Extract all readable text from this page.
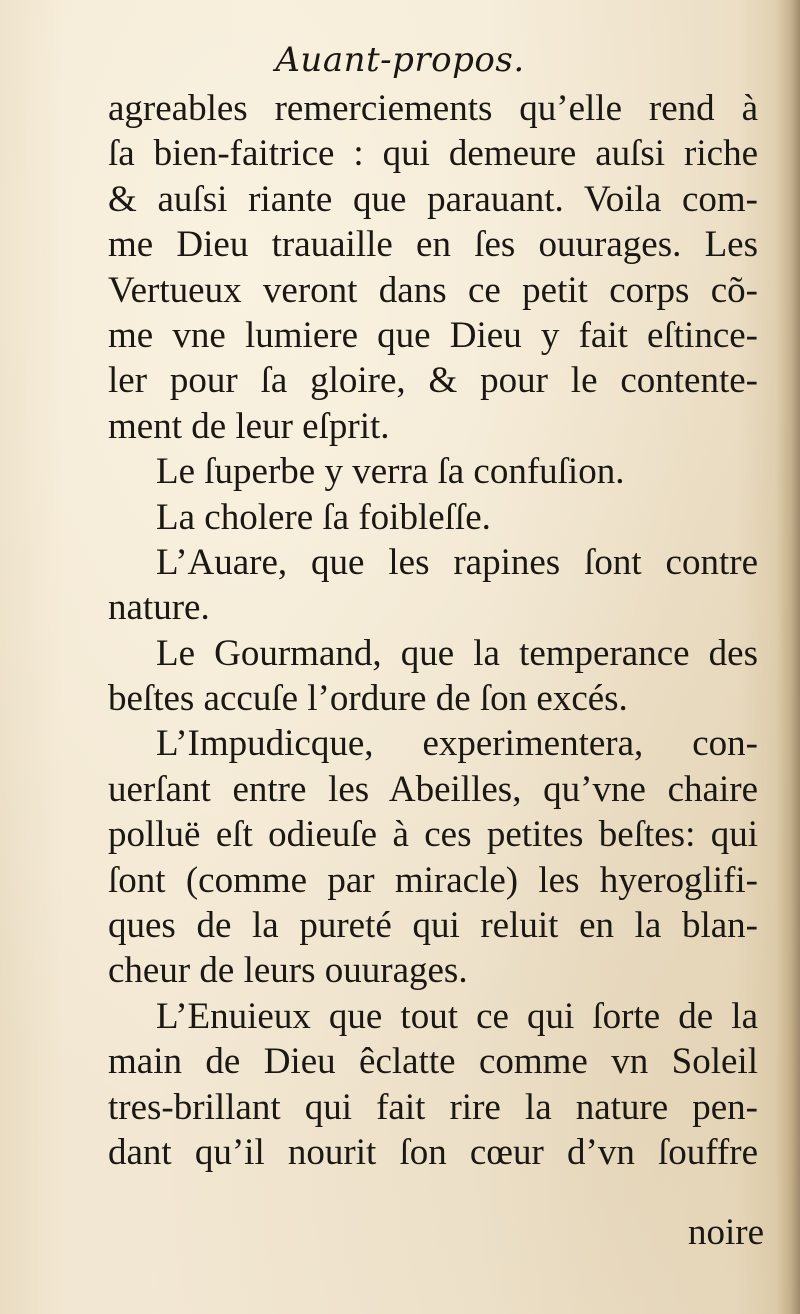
Auant-propos.
agreables remerciements qu’elle rend à
ſa bien-faitrice : qui demeure auſsi riche
& auſsi riante que parauant. Voila com-
me Dieu trauaille en ſes ouurages. Les
Vertueux veront dans ce petit corps cõ-
me vne lumiere que Dieu y fait eſtince-
ler pour ſa gloire, & pour le contente-
ment de leur eſprit.
Le ſuperbe y verra ſa confuſion.
La cholere ſa foibleſſe.
L’Auare, que les rapines ſont contre
nature.
Le Gourmand, que la temperance des
beſtes accuſe l’ordure de ſon excés.
L’Impudicque, experimentera, con-
uerſant entre les Abeilles, qu’vne chaire
polluë eſt odieuſe à ces petites beſtes: qui
ſont (comme par miracle) les hyeroglifi-
ques de la pureté qui reluit en la blan-
cheur de leurs ouurages.
L’Enuieux que tout ce qui ſorte de la
main de Dieu êclatte comme vn Soleil
tres-brillant qui fait rire la nature pen-
dant qu’il nourit ſon cœur d’vn ſouffre
noire
